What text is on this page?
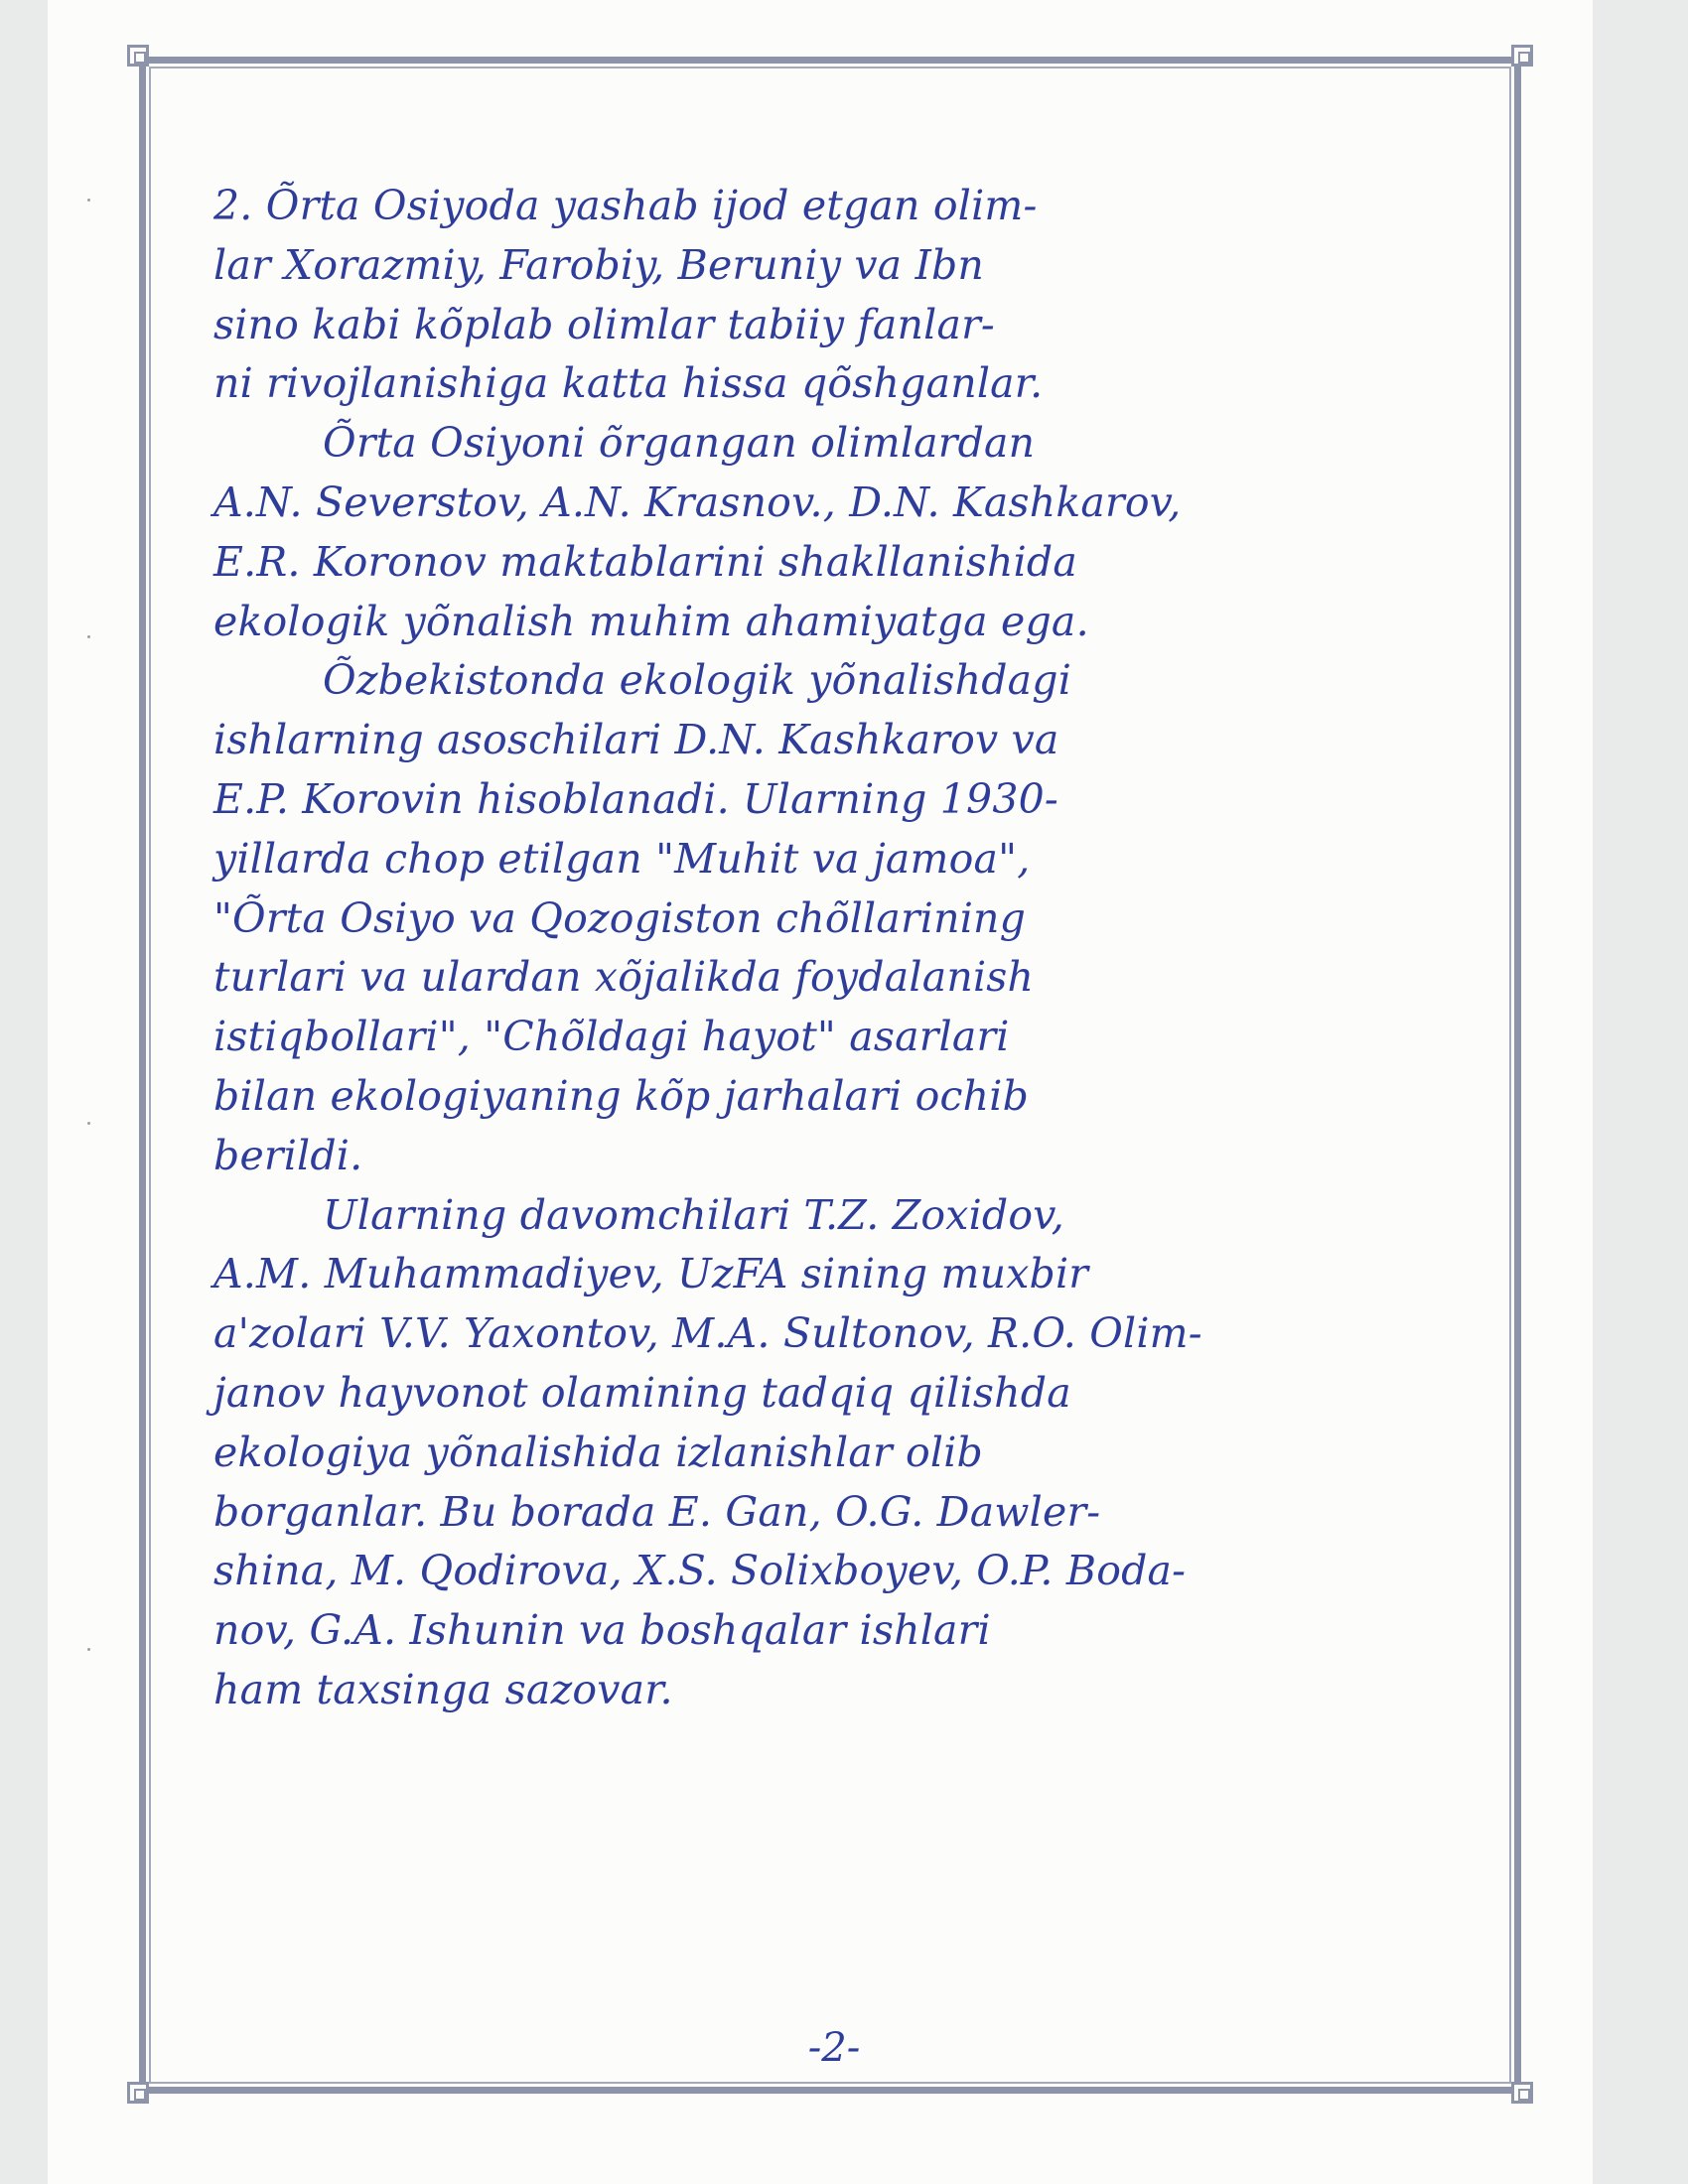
2. Õrta Osiyoda yashab ijod etgan olim-
lar Xorazmiy, Farobiy, Beruniy va Ibn
sino kabi kõplab olimlar tabiiy fanlar-
ni rivojlanishiga katta hissa qõshganlar.
Õrta Osiyoni õrgangan olimlardan
A.N. Severstov, A.N. Krasnov., D.N. Kashkarov,
E.R. Koronov maktablarini shakllanishida
ekologik yõnalish muhim ahamiyatga ega.
Õzbekistonda ekologik yõnalishdagi
ishlarning asoschilari D.N. Kashkarov va
E.P. Korovin hisoblanadi. Ularning 1930-
yillarda chop etilgan "Muhit va jamoa",
"Õrta Osiyo va Qozogiston chõllarining
turlari va ulardan xõjalikda foydalanish
istiqbollari", "Chõldagi hayot" asarlari
bilan ekologiyaning kõp jarhalari ochib
berildi.
Ularning davomchilari T.Z. Zoxidov,
A.M. Muhammadiyev, UzFA sining muxbir
a'zolari V.V. Yaxontov, M.A. Sultonov, R.O. Olim-
janov hayvonot olamining tadqiq qilishda
ekologiya yõnalishida izlanishlar olib
borganlar. Bu borada E. Gan, O.G. Dawler-
shina, M. Qodirova, X.S. Solixboyev, O.P. Boda-
nov, G.A. Ishunin va boshqalar ishlari
ham taxsinga sazovar.
-2-
